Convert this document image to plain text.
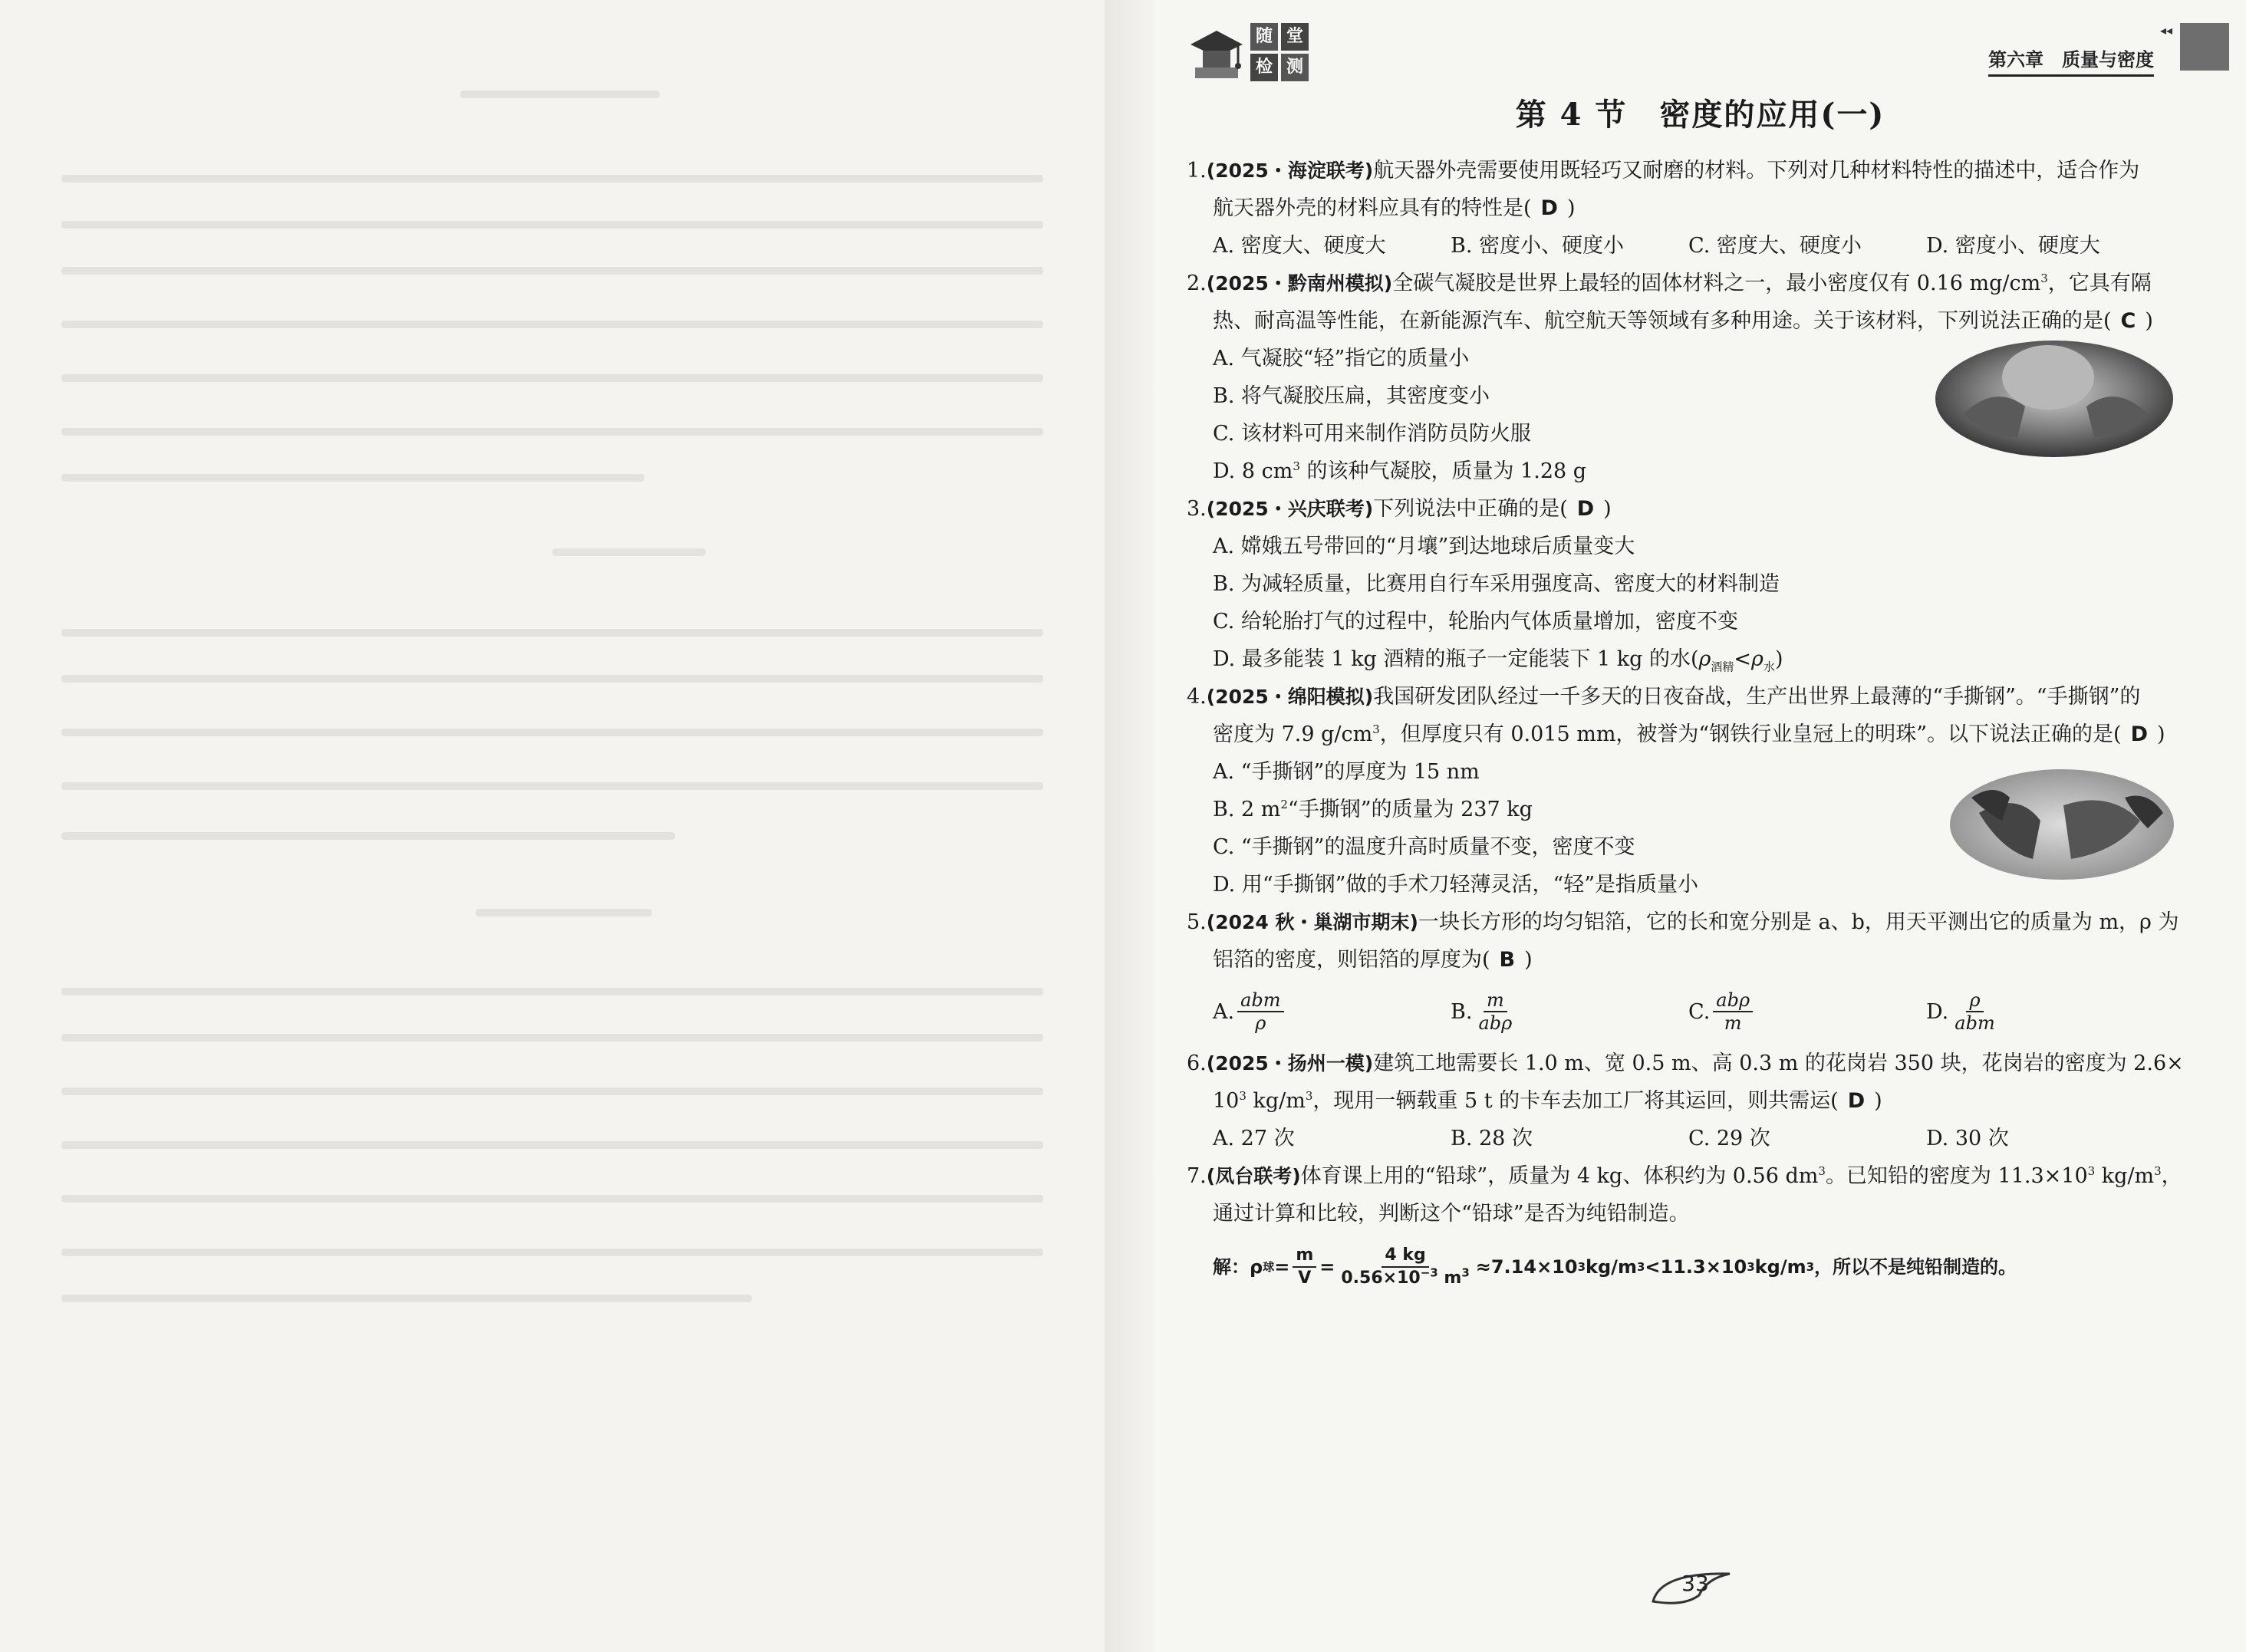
随 堂
检 测
◂◂
第六章　质量与密度
第 4 节　密度的应用(一)
1.(2025・海淀联考)航天器外壳需要使用既轻巧又耐磨的材料。下列对几种材料特性的描述中，适合作为
航天器外壳的材料应具有的特性是( D )
A. 密度大、硬度大	B. 密度小、硬度小	C. 密度大、硬度小	D. 密度小、硬度大
2.(2025・黔南州模拟)全碳气凝胶是世界上最轻的固体材料之一，最小密度仅有 0.16 $mg/cm^3$，它具有隔
热、耐高温等性能，在新能源汽车、航空航天等领域有多种用途。关于该材料，下列说法正确的是( C )
A. 气凝胶“轻”指它的质量小
B. 将气凝胶压扁，其密度变小
C. 该材料可用来制作消防员防火服
D. 8 $cm^3$ 的该种气凝胶，质量为 1.28 g
3.(2025・兴庆联考)下列说法中正确的是( D )
A. 嫦娥五号带回的“月壤”到达地球后质量变大
B. 为减轻质量，比赛用自行车采用强度高、密度大的材料制造
C. 给轮胎打气的过程中，轮胎内气体质量增加，密度不变
D. 最多能装 1 kg 酒精的瓶子一定能装下 1 kg 的水$(\rho_{酒精}<\rho_水)$
4.(2025・绵阳模拟)我国研发团队经过一千多天的日夜奋战，生产出世界上最薄的“手撕钢”。“手撕钢”的
密度为 7.9 $g/cm^3$，但厚度只有 0.015 mm，被誉为“钢铁行业皇冠上的明珠”。以下说法正确的是( D )
A. “手撕钢”的厚度为 15 nm
B. 2 $m^2“$手撕钢”的质量为 237 kg
C. “手撕钢”的温度升高时质量不变，密度不变
D. 用“手撕钢”做的手术刀轻薄灵活，“轻”是指质量小
5.(2024 秋・巢湖市期末)一块长方形的均匀铝箔，它的长和宽分别是 a、b，用天平测出它的质量为 m，ρ 为
铝箔的密度，则铝箔的厚度为( B )
A. $\frac{\text{abm}}{\rho}$	B. $\frac{m}{\text{abρ}}$	C. $\frac{\text{abρ}}{m}$	D. $\frac{\rho}{\text{abm}}$
6.(2025・扬州一模)建筑工地需要长 1.0 m、宽 0.5 m、高 0.3 m 的花岗岩 350 块，花岗岩的密度为 2.6×
$10^3$ $kg/m^3$，现用一辆载重 5 t 的卡车去加工厂将其运回，则共需运( D )
A. 27 次	B. 28 次	C. 29 次	D. 30 次
7.(凤台联考)体育课上用的“铅球”，质量为 4 kg、体积约为 0.56 $dm^3$。已知铅的密度为 $11.3\times 10^3$ $kg/m^3$，
通过计算和比较，判断这个“铅球”是否为纯铅制造。
解：ρ 球 = $\frac{m}{V} = \frac{4 kg}{0.56\times 10^{-3} m^3} \approx 7.14\times 10$ 3 kg/m 3 <11.3×10 3 kg/m 3 ，所以不是纯铅制造的。
33
